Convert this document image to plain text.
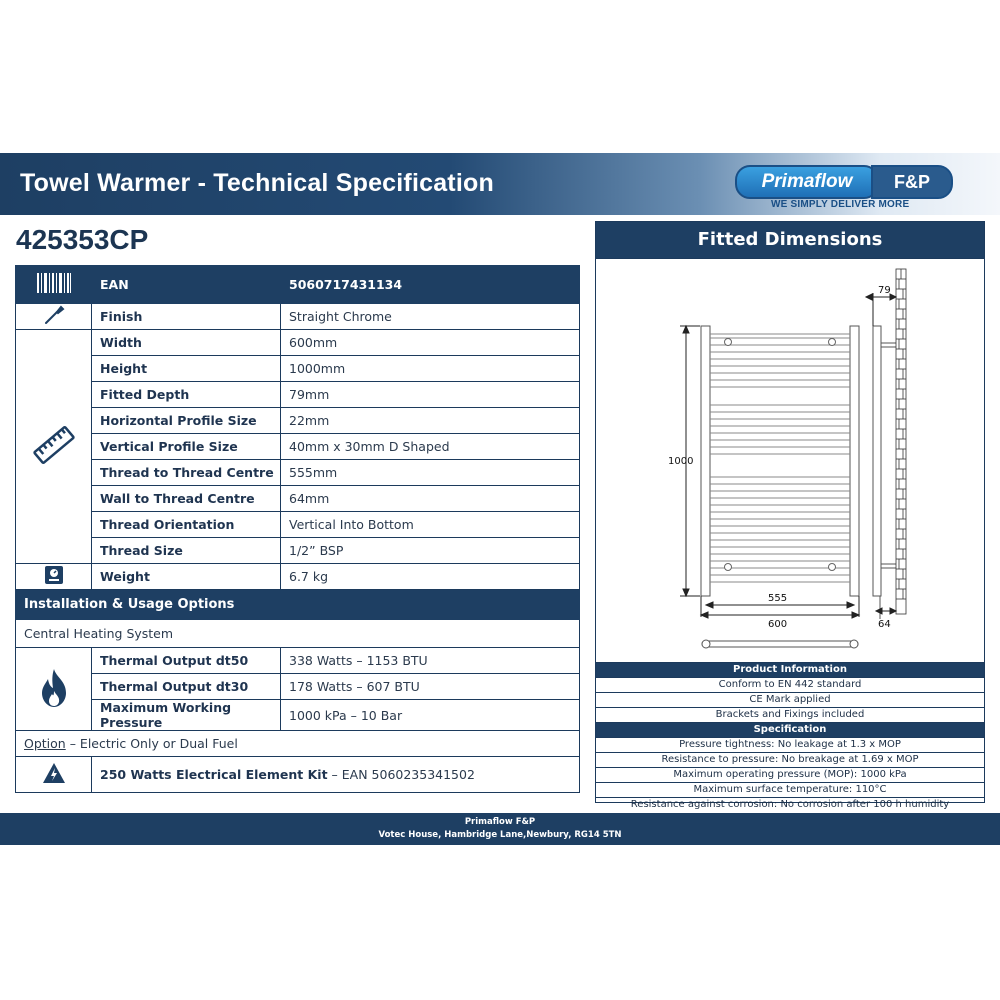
Towel Warmer - Technical Specification	Primaflow	F&P
WE SIMPLY DELIVER MORE
425353CP
	EAN	5060717431134
	Finish	Straight Chrome
	Width	600mm
	Height	1000mm
	Fitted Depth	79mm
	Horizontal Profile Size	22mm
	Vertical Profile Size	40mm x 30mm D Shaped
	Thread to Thread Centre	555mm
	Wall to Thread Centre	64mm
	Thread Orientation	Vertical Into Bottom
	Thread Size	1/2” BSP
	Weight	6.7 kg
Installation & Usage Options		
Central Heating System		
	Thermal Output dt50	338 Watts – 1153 BTU
	Thermal Output dt30	178 Watts – 607 BTU
	Maximum Working Pressure	1000 kPa – 10 Bar
Option – Electric Only or Dual Fuel		
	250 Watts Electrical Element Kit – EAN 5060235341502	
Fitted Dimensions
1000
555
600
79
64
Product Information
Conform to EN 442 standard
CE Mark applied
Brackets and Fixings included
Specification
Pressure tightness: No leakage at 1.3 x MOP
Resistance to pressure: No breakage at 1.69 x MOP
Maximum operating pressure (MOP): 1000 kPa
Maximum surface temperature: 110°C
Resistance against corrosion: No corrosion after 100 h humidity
Primaflow F&P
Votec House, Hambridge Lane,Newbury, RG14 5TN
